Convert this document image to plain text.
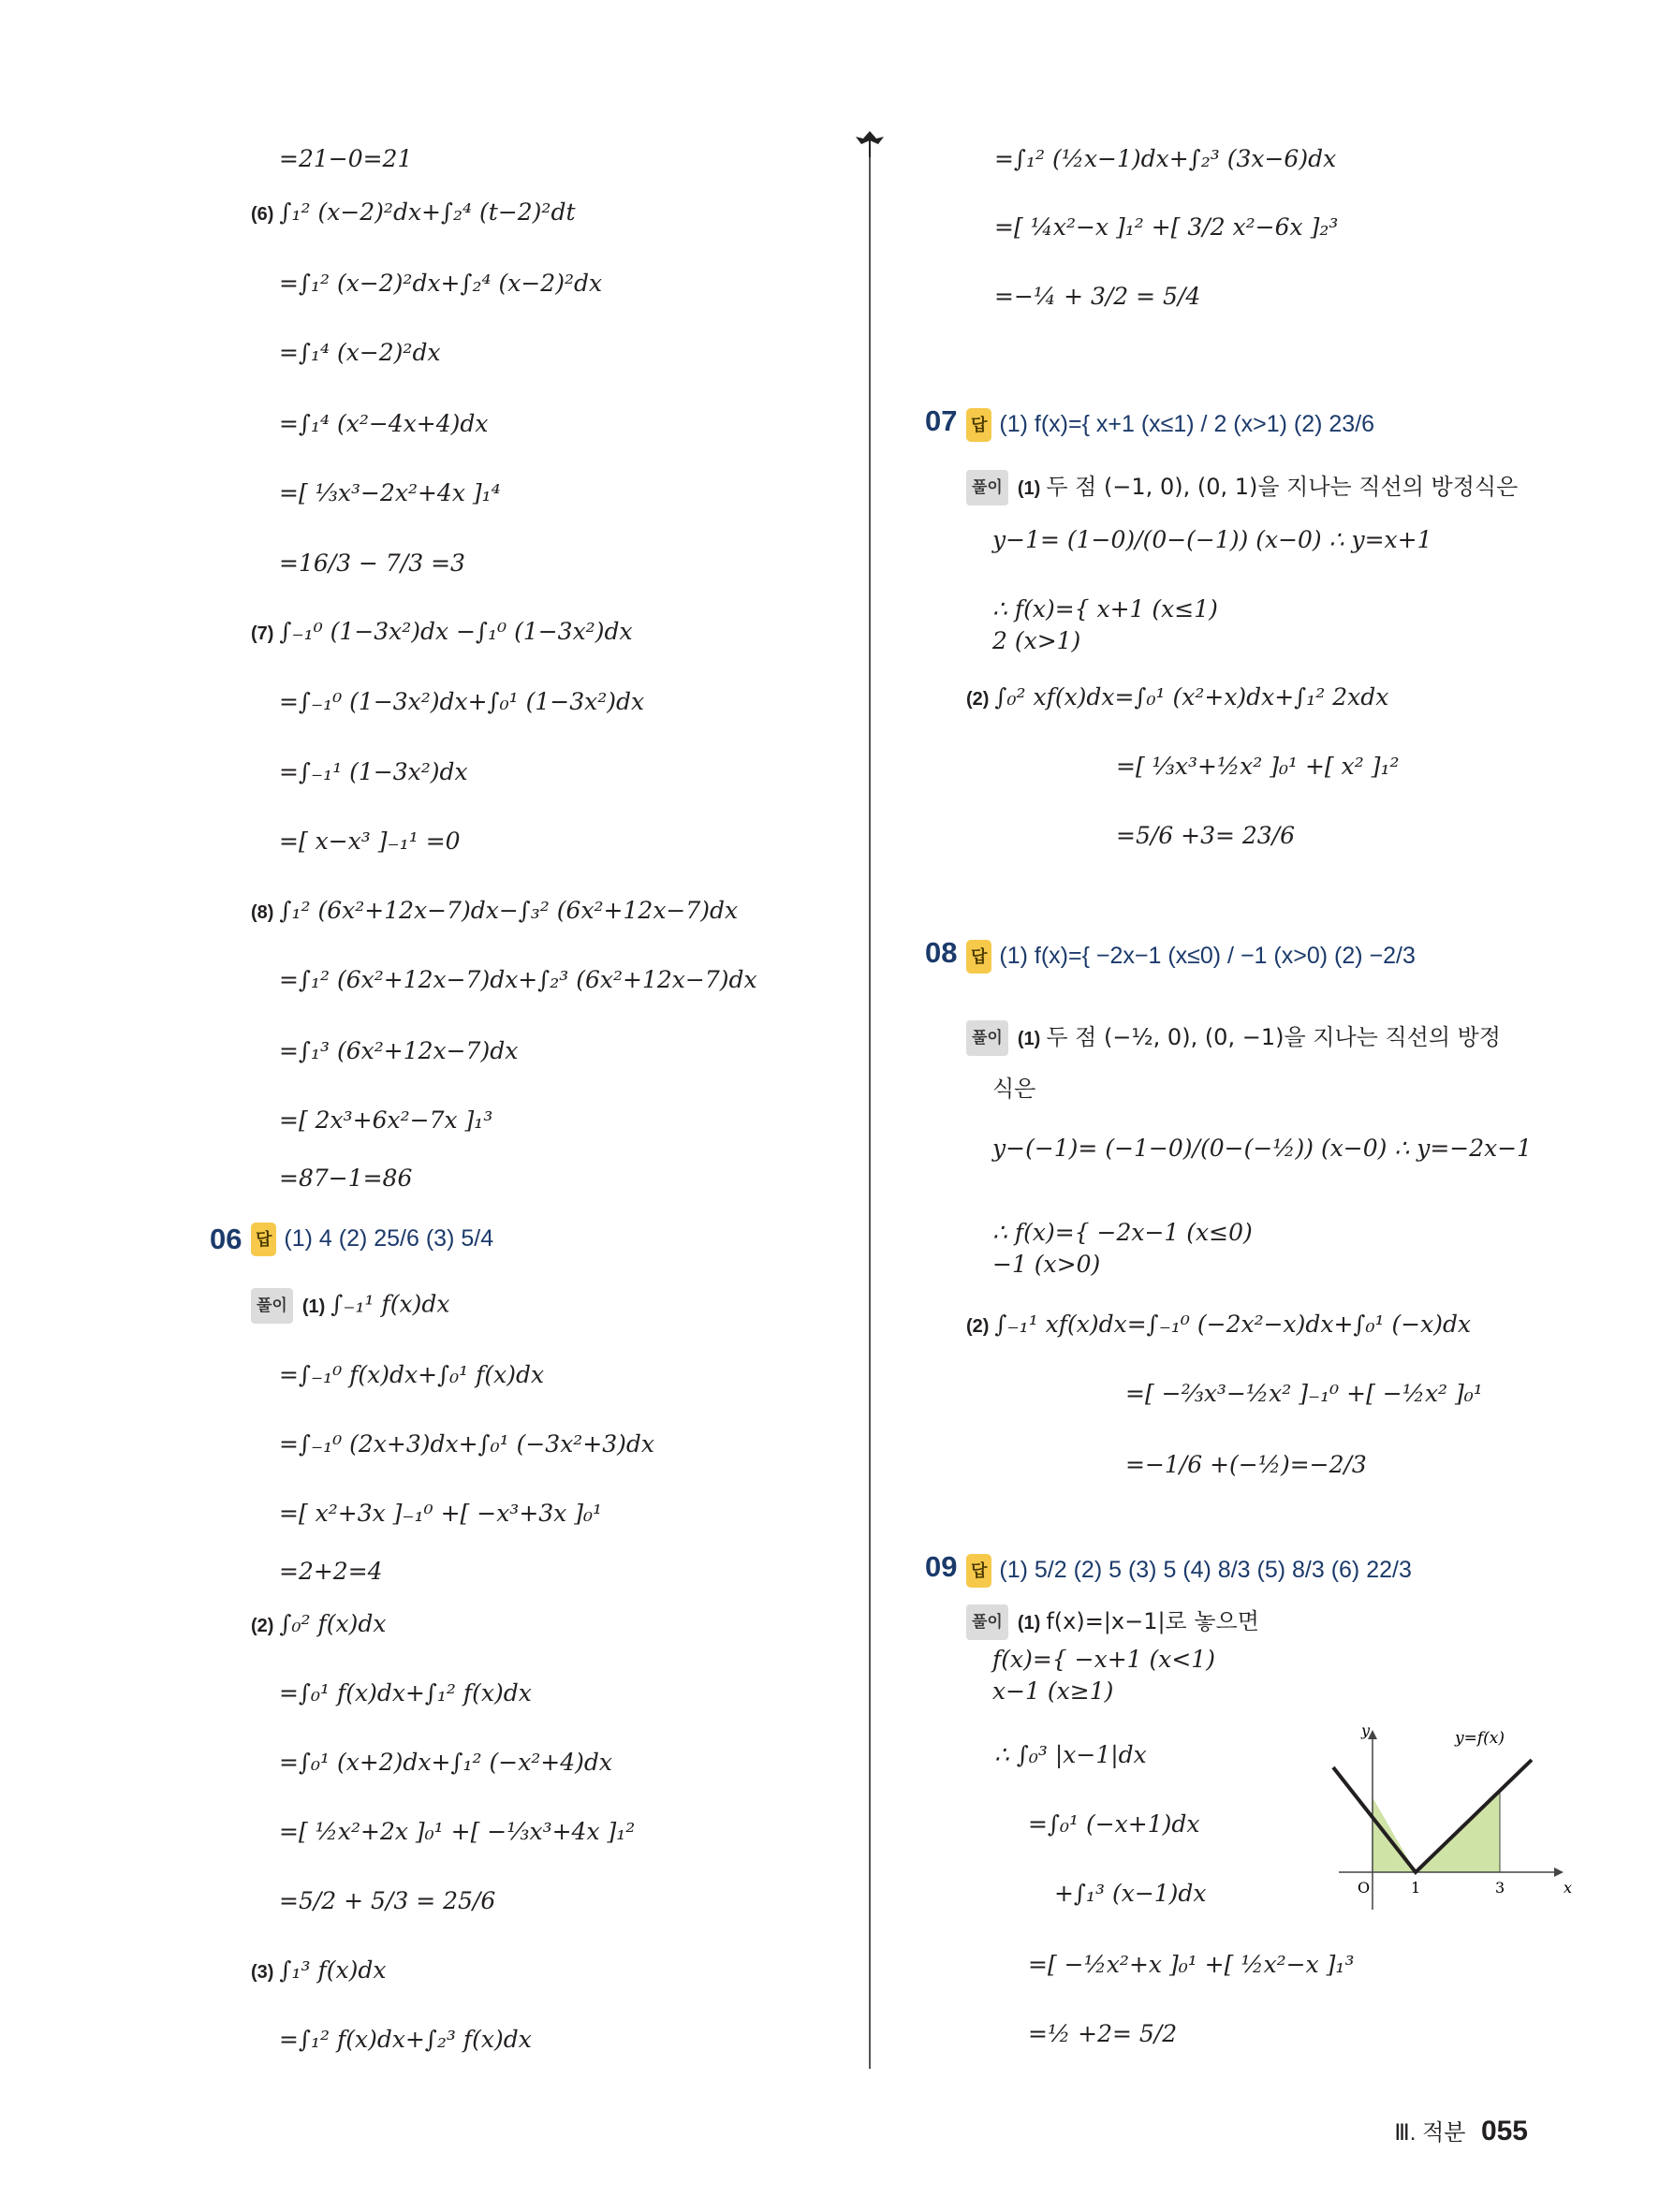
=21−0=21
(6) ∫₁² (x−2)²dx+∫₂⁴ (t−2)²dt
=∫₁² (x−2)²dx+∫₂⁴ (x−2)²dx
=∫₁⁴ (x−2)²dx
=∫₁⁴ (x²−4x+4)dx
=[ ⅓x³−2x²+4x ]₁⁴
=16/3 − 7/3 =3
(7) ∫₋₁⁰ (1−3x²)dx −∫₁⁰ (1−3x²)dx
=∫₋₁⁰ (1−3x²)dx+∫₀¹ (1−3x²)dx
=∫₋₁¹ (1−3x²)dx
=[ x−x³ ]₋₁¹ =0
(8) ∫₁² (6x²+12x−7)dx−∫₃² (6x²+12x−7)dx
=∫₁² (6x²+12x−7)dx+∫₂³ (6x²+12x−7)dx
=∫₁³ (6x²+12x−7)dx
=[ 2x³+6x²−7x ]₁³
=87−1=86
06 답 (1) 4 (2) 25/6 (3) 5/4
풀이 (1) ∫₋₁¹ f(x)dx
=∫₋₁⁰ f(x)dx+∫₀¹ f(x)dx
=∫₋₁⁰ (2x+3)dx+∫₀¹ (−3x²+3)dx
=[ x²+3x ]₋₁⁰ +[ −x³+3x ]₀¹
=2+2=4
(2) ∫₀² f(x)dx
=∫₀¹ f(x)dx+∫₁² f(x)dx
=∫₀¹ (x+2)dx+∫₁² (−x²+4)dx
=[ ½x²+2x ]₀¹ +[ −⅓x³+4x ]₁²
=5/2 + 5/3 = 25/6
(3) ∫₁³ f(x)dx
=∫₁² f(x)dx+∫₂³ f(x)dx
=∫₁² (½x−1)dx+∫₂³ (3x−6)dx
=[ ¼x²−x ]₁² +[ 3/2 x²−6x ]₂³
=−¼ + 3/2 = 5/4
07 답 (1) f(x)={ x+1 (x≤1) / 2 (x>1) (2) 23/6
풀이 (1) 두 점 (−1, 0), (0, 1)을 지나는 직선의 방정식은
y−1= (1−0)/(0−(−1)) (x−0) ∴ y=x+1
∴ f(x)={ x+1 (x≤1)
2 (x>1)
(2) ∫₀² xf(x)dx=∫₀¹ (x²+x)dx+∫₁² 2xdx
=[ ⅓x³+½x² ]₀¹ +[ x² ]₁²
=5/6 +3= 23/6
08 답 (1) f(x)={ −2x−1 (x≤0) / −1 (x>0) (2) −2/3
풀이 (1) 두 점 (−½, 0), (0, −1)을 지나는 직선의 방정
식은
y−(−1)= (−1−0)/(0−(−½)) (x−0) ∴ y=−2x−1
∴ f(x)={ −2x−1 (x≤0)
−1 (x>0)
(2) ∫₋₁¹ xf(x)dx=∫₋₁⁰ (−2x²−x)dx+∫₀¹ (−x)dx
=[ −⅔x³−½x² ]₋₁⁰ +[ −½x² ]₀¹
=−1/6 +(−½)=−2/3
09 답 (1) 5/2 (2) 5 (3) 5 (4) 8/3 (5) 8/3 (6) 22/3
풀이 (1) f(x)=|x−1|로 놓으면
f(x)={ −x+1 (x<1)
x−1 (x≥1)
∴ ∫₀³ |x−1|dx
=∫₀¹ (−x+1)dx
+∫₁³ (x−1)dx
=[ −½x²+x ]₀¹ +[ ½x²−x ]₁³
=½ +2= 5/2
y
x
y=f(x)
O	1	3
Ⅲ. 적분 055
